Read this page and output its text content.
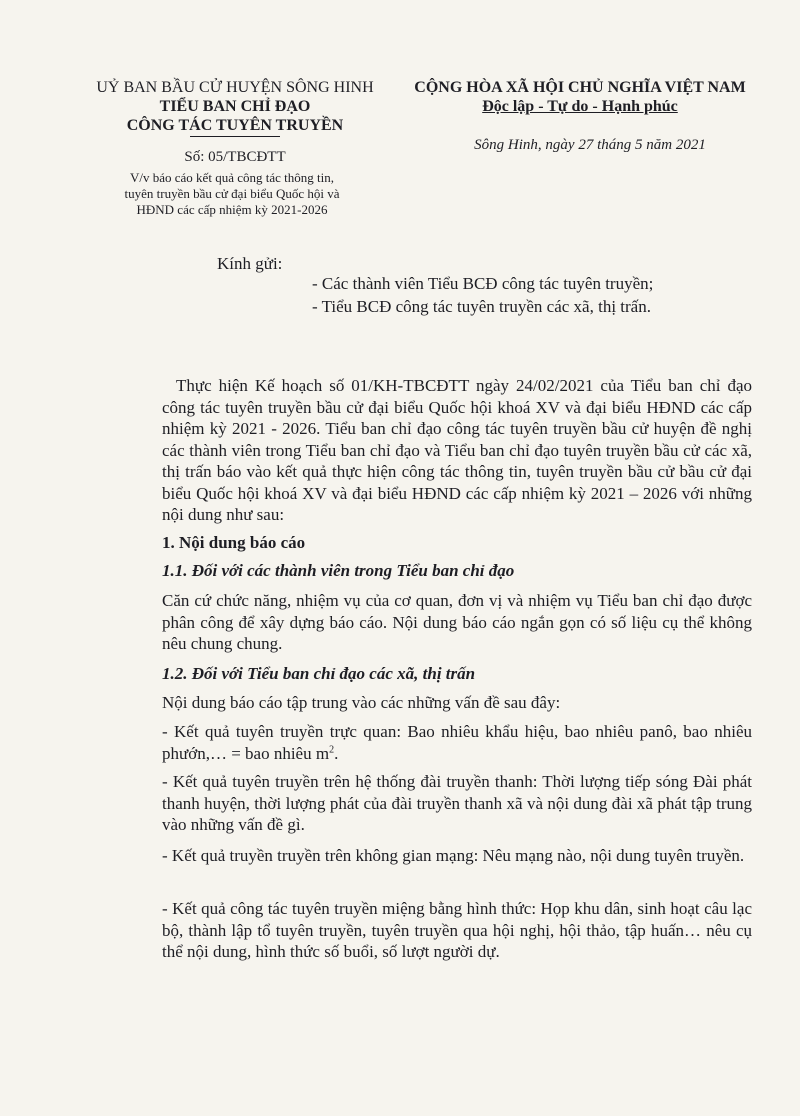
UỶ BAN BẦU CỬ HUYỆN SÔNG HINH
TIỂU BAN CHỈ ĐẠO
CÔNG TÁC TUYÊN TRUYỀN
CỘNG HÒA XÃ HỘI CHỦ NGHĨA VIỆT NAM
Độc lập - Tự do - Hạnh phúc
Số: 05/TBCĐTT
Sông Hinh, ngày 27 tháng 5 năm 2021
V/v báo cáo kết quả công tác thông tin,
tuyên truyền bầu cử đại biểu Quốc hội và
HĐND các cấp nhiệm kỳ 2021-2026
Kính gửi:
- Các thành viên Tiểu BCĐ công tác tuyên truyền;
- Tiểu BCĐ công tác tuyên truyền các xã, thị trấn.

Thực hiện Kế hoạch số 01/KH-TBCĐTT ngày 24/02/2021 của Tiểu ban chỉ đạo công tác tuyên truyền bầu cử đại biểu Quốc hội khoá XV và đại biểu HĐND các cấp nhiệm kỳ 2021 - 2026. Tiểu ban chỉ đạo công tác tuyên truyền bầu cử huyện đề nghị các thành viên trong Tiểu ban chỉ đạo và Tiểu ban chỉ đạo tuyên truyền bầu cử các xã, thị trấn báo vào kết quả thực hiện công tác thông tin, tuyên truyền bầu cử bầu cử đại biểu Quốc hội khoá XV và đại biểu HĐND các cấp nhiệm kỳ 2021 – 2026 với những nội dung như sau:

1. Nội dung báo cáo

1.1. Đối với các thành viên trong Tiểu ban chỉ đạo

Căn cứ chức năng, nhiệm vụ của cơ quan, đơn vị và nhiệm vụ Tiểu ban chỉ đạo được phân công để xây dựng báo cáo. Nội dung báo cáo ngắn gọn có số liệu cụ thể không nêu chung chung.

1.2. Đối với Tiểu ban chỉ đạo các xã, thị trấn

Nội dung báo cáo tập trung vào các những vấn đề sau đây:

- Kết quả tuyên truyền trực quan: Bao nhiêu khẩu hiệu, bao nhiêu panô, bao nhiêu phướn,… = bao nhiêu $m^2$.

- Kết quả tuyên truyền trên hệ thống đài truyền thanh: Thời lượng tiếp sóng Đài phát thanh huyện, thời lượng phát của đài truyền thanh xã và nội dung đài xã phát tập trung vào những vấn đề gì.

- Kết quả truyền truyền trên không gian mạng: Nêu mạng nào, nội dung tuyên truyền.

- Kết quả công tác tuyên truyền miệng bằng hình thức: Họp khu dân, sinh hoạt câu lạc bộ, thành lập tổ tuyên truyền, tuyên truyền qua hội nghị, hội thảo, tập huấn… nêu cụ thể nội dung, hình thức số buổi, số lượt người dự.
